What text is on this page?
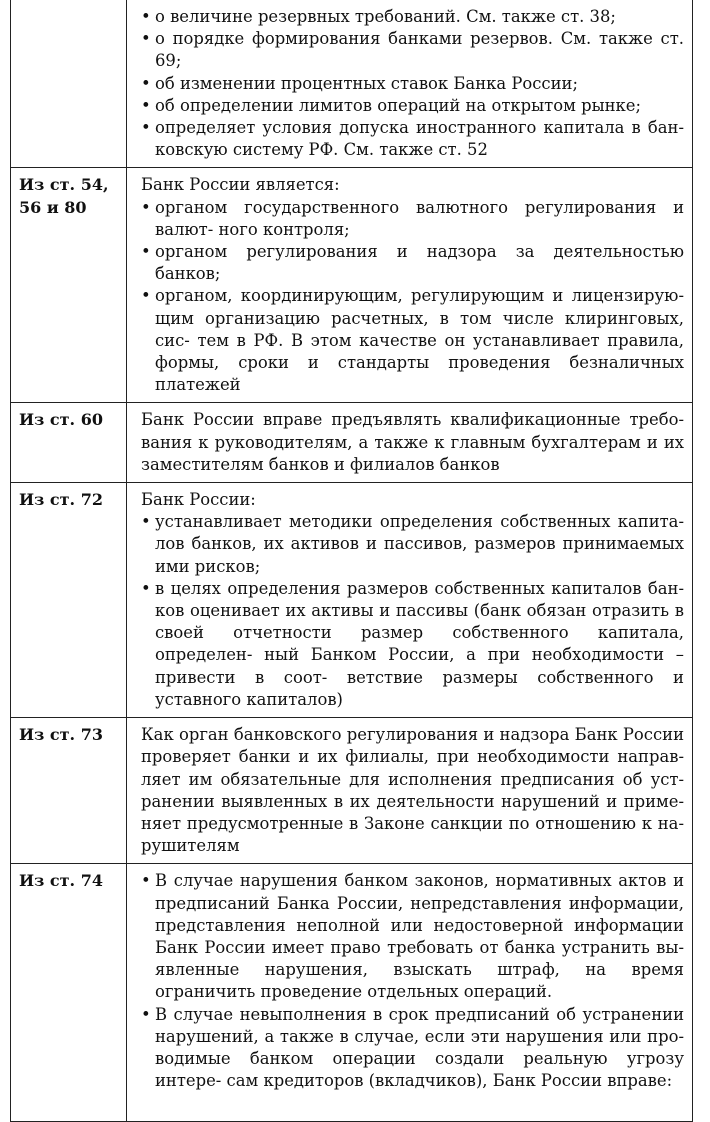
	• о величине резервных требований. См. также ст. 38;
• о порядке формирования банками резервов. См. также ст. 69;
• об изменении процентных ставок Банка России;
• об определении лимитов операций на открытом рынке;
• определяет условия допуска иностранного капитала в бан- ковскую систему РФ. См. также ст. 52

Из ст. 54, 56 и 80	Банк России является:
• органом государственного валютного регулирования и валют- ного контроля;
• органом регулирования и надзора за деятельностью банков;
• органом, координирующим, регулирующим и лицензирую- щим организацию расчетных, в том числе клиринговых, сис- тем в РФ. В этом качестве он устанавливает правила, формы, сроки и стандарты проведения безналичных платежей

Из ст. 60	Банк России вправе предъявлять квалификационные требо- вания к руководителям, а также к главным бухгалтерам и их заместителям банков и филиалов банков

Из ст. 72	Банк России:
• устанавливает методики определения собственных капита- лов банков, их активов и пассивов, размеров принимаемых ими рисков;
• в целях определения размеров собственных капиталов бан- ков оценивает их активы и пассивы (банк обязан отразить в своей отчетности размер собственного капитала, определен- ный Банком России, а при необходимости – привести в соот- ветствие размеры собственного и уставного капиталов)

Из ст. 73	Как орган банковского регулирования и надзора Банк России проверяет банки и их филиалы, при необходимости направ- ляет им обязательные для исполнения предписания об уст- ранении выявленных в их деятельности нарушений и приме- няет предусмотренные в Законе санкции по отношению к на- рушителям

Из ст. 74	• В случае нарушения банком законов, нормативных актов и предписаний Банка России, непредставления информации, представления неполной или недостоверной информации Банк России имеет право требовать от банка устранить вы- явленные нарушения, взыскать штраф, на время ограничить проведение отдельных операций.
• В случае невыполнения в срок предписаний об устранении нарушений, а также в случае, если эти нарушения или про- водимые банком операции создали реальную угрозу интере- сам кредиторов (вкладчиков), Банк России вправе:
